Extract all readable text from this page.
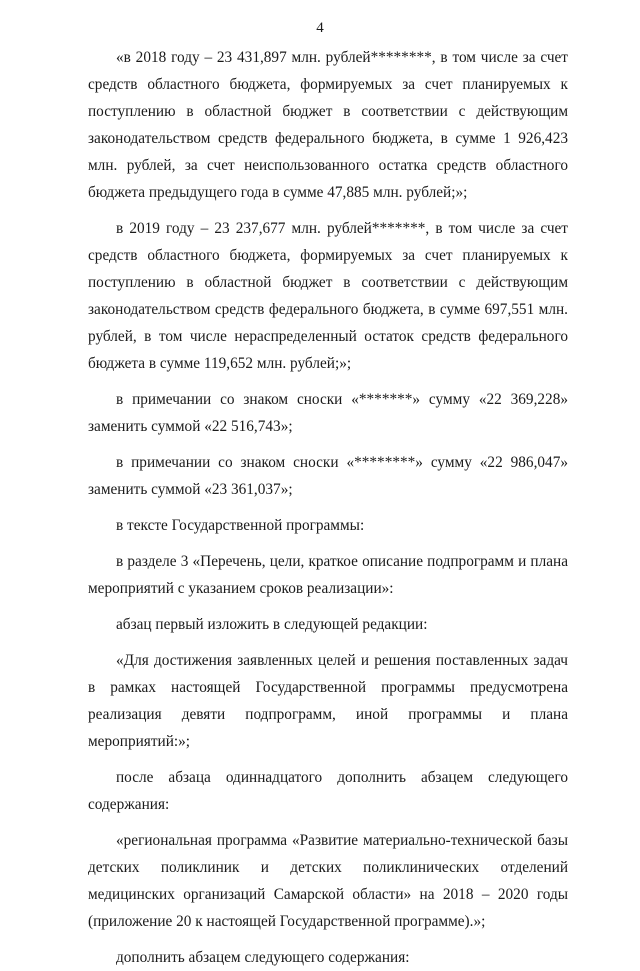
4

«в 2018 году – 23 431,897 млн. рублей********, в том числе за счет средств областного бюджета, формируемых за счет планируемых к поступлению в областной бюджет в соответствии с действующим законодательством средств федерального бюджета, в сумме 1 926,423 млн. рублей, за счет неиспользованного остатка средств областного бюджета предыдущего года в сумме 47,885 млн. рублей;»;

в 2019 году – 23 237,677 млн. рублей*******, в том числе за счет средств областного бюджета, формируемых за счет планируемых к поступлению в областной бюджет в соответствии с действующим законодательством средств федерального бюджета, в сумме 697,551 млн. рублей, в том числе нераспределенный остаток средств федерального бюджета в сумме 119,652 млн. рублей;»;

в примечании со знаком сноски «*******» сумму «22 369,228» заменить суммой «22 516,743»;

в примечании со знаком сноски «********» сумму «22 986,047» заменить суммой «23 361,037»;

в тексте Государственной программы:

в разделе 3 «Перечень, цели, краткое описание подпрограмм и плана мероприятий с указанием сроков реализации»:

абзац первый изложить в следующей редакции:

«Для достижения заявленных целей и решения поставленных задач в рамках настоящей Государственной программы предусмотрена реализация девяти подпрограмм, иной программы и плана мероприятий:»;

после абзаца одиннадцатого дополнить абзацем следующего содержания:

«региональная программа «Развитие материально-технической базы детских поликлиник и детских поликлинических отделений медицинских организаций Самарской области» на 2018 – 2020 годы (приложение 20 к настоящей Государственной программе).»;

дополнить абзацем следующего содержания:
